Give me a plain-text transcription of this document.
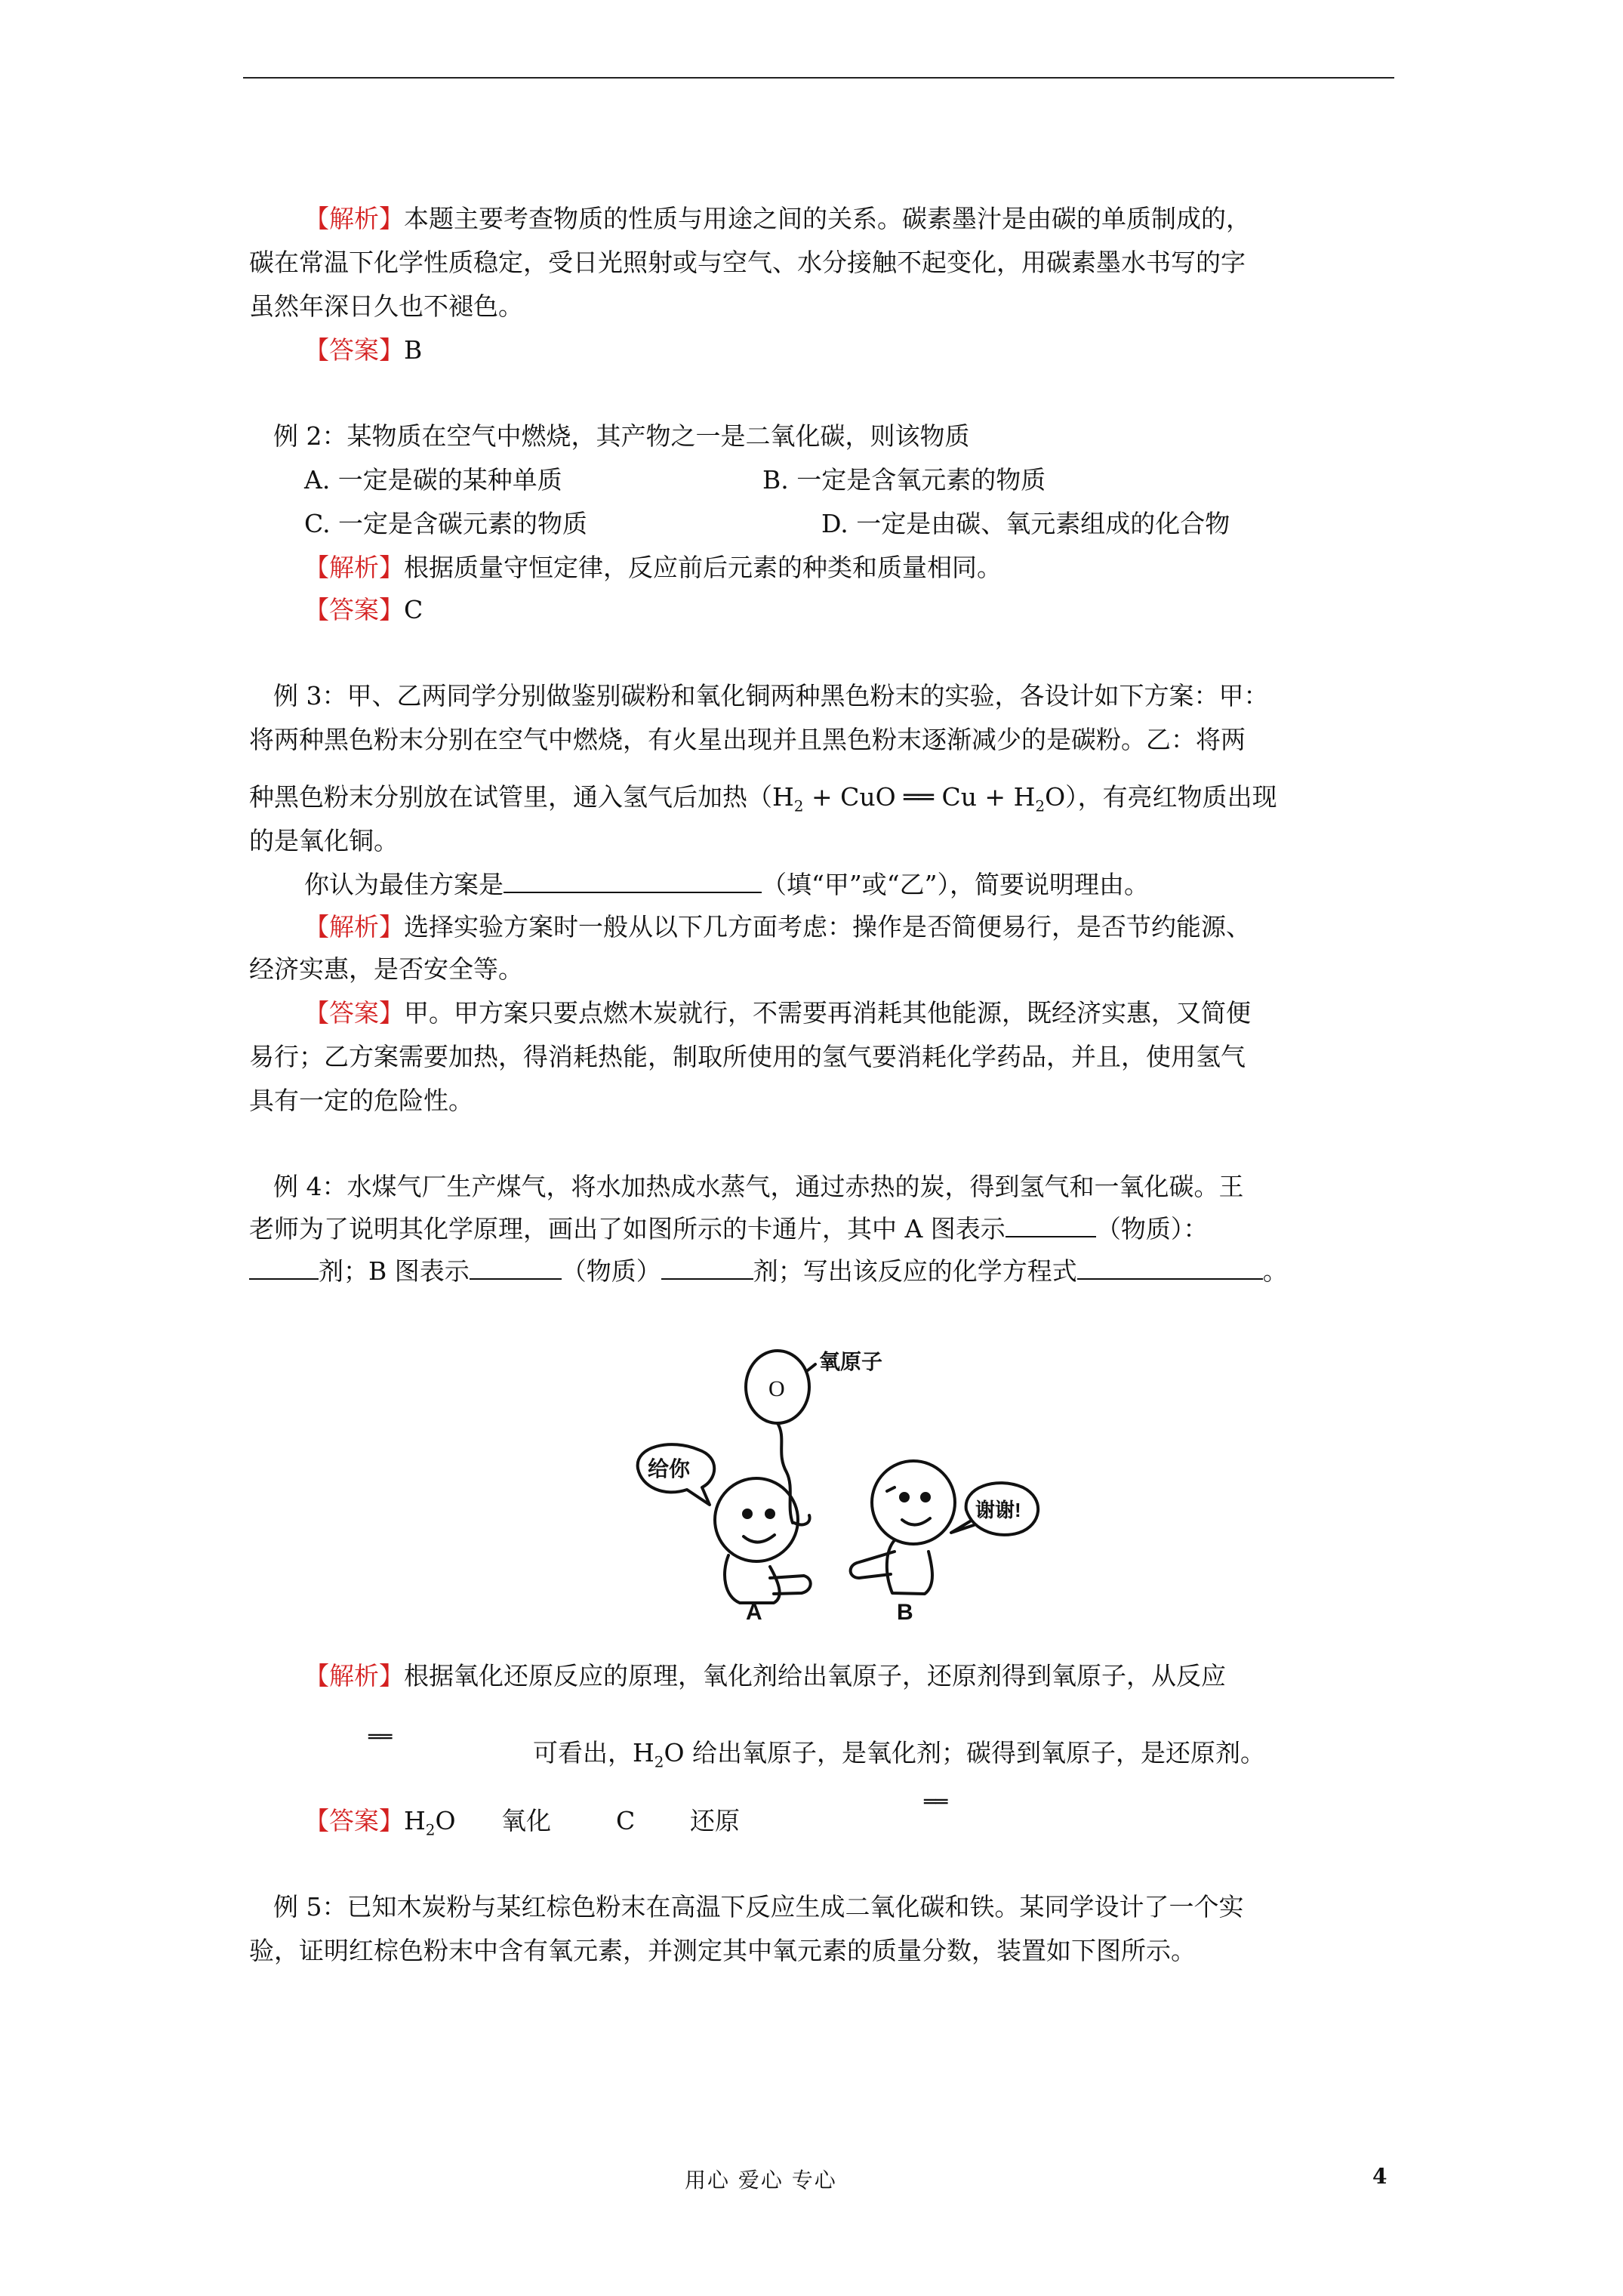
【解析】本题主要考查物质的性质与用途之间的关系。碳素墨汁是由碳的单质制成的，
碳在常温下化学性质稳定，受日光照射或与空气、水分接触不起变化，用碳素墨水书写的字
虽然年深日久也不褪色。
【答案】B
例 2：某物质在空气中燃烧，其产物之一是二氧化碳，则该物质
A. 一定是碳的某种单质	B. 一定是含氧元素的物质
C. 一定是含碳元素的物质	D. 一定是由碳、氧元素组成的化合物
【解析】根据质量守恒定律，反应前后元素的种类和质量相同。
【答案】C
例 3：甲、乙两同学分别做鉴别碳粉和氧化铜两种黑色粉末的实验，各设计如下方案：甲：
将两种黑色粉末分别在空气中燃烧，有火星出现并且黑色粉末逐渐减少的是碳粉。乙：将两
种黑色粉末分别放在试管里，通入氢气后加热（$H_2$ + CuO ══ $Cu + H_2O$），有亮红物质出现
的是氧化铜。
你认为最佳方案是	（填“甲”或“乙”），简要说明理由。
【解析】选择实验方案时一般从以下几方面考虑：操作是否简便易行，是否节约能源、
经济实惠，是否安全等。
【答案】甲。甲方案只要点燃木炭就行，不需要再消耗其他能源，既经济实惠，又简便
易行；乙方案需要加热，得消耗热能，制取所使用的氢气要消耗化学药品，并且，使用氢气
具有一定的危险性。
例 4：水煤气厂生产煤气，将水加热成水蒸气，通过赤热的炭，得到氢气和一氧化碳。王
老师为了说明其化学原理，画出了如图所示的卡通片，其中 A 图表示	（物质）：
剂；B 图表示	（物质）	剂；写出该反应的化学方程式	。
氧原子
O
给你
谢谢!
A	B
【解析】根据氧化还原反应的原理，氧化剂给出氧原子，还原剂得到氧原子，从反应
══
可看出，$H_2O$ 给出氧原子，是氧化剂；碳得到氧原子，是还原剂。
【答案】$H_2O$ 氧化	C 还原
══
例 5：已知木炭粉与某红棕色粉末在高温下反应生成二氧化碳和铁。某同学设计了一个实
验，证明红棕色粉末中含有氧元素，并测定其中氧元素的质量分数，装置如下图所示。
用心 爱心 专心	4
